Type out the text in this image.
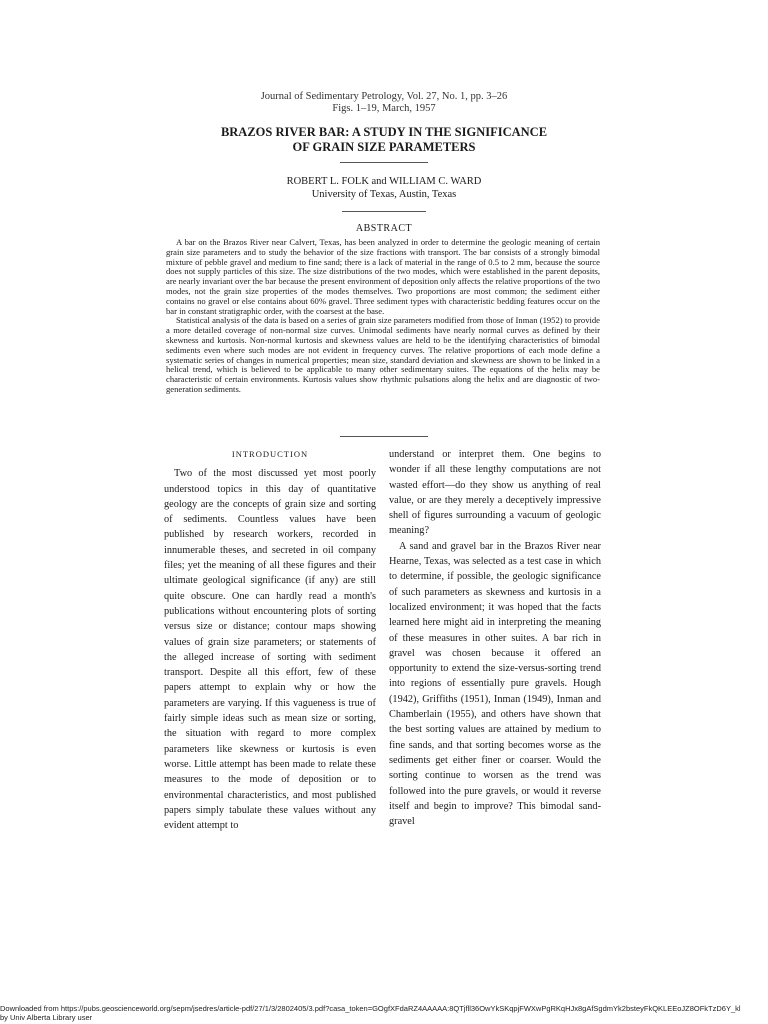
Journal of Sedimentary Petrology, Vol. 27, No. 1, pp. 3–26
Figs. 1–19, March, 1957
BRAZOS RIVER BAR: A STUDY IN THE SIGNIFICANCE
OF GRAIN SIZE PARAMETERS
ROBERT L. FOLK and WILLIAM C. WARD
University of Texas, Austin, Texas
ABSTRACT

A bar on the Brazos River near Calvert, Texas, has been analyzed in order to determine the geologic meaning of certain grain size parameters and to study the behavior of the size fractions with transport. The bar consists of a strongly bimodal mixture of pebble gravel and medium to fine sand; there is a lack of material in the range of 0.5 to 2 mm, because the source does not supply particles of this size. The size distributions of the two modes, which were established in the parent deposits, are nearly invariant over the bar because the present environment of deposition only affects the relative proportions of the two modes, not the grain size properties of the modes themselves. Two proportions are most common; the sediment either contains no gravel or else contains about 60% gravel. Three sediment types with characteristic bedding features occur on the bar in constant stratigraphic order, with the coarsest at the base.

Statistical analysis of the data is based on a series of grain size parameters modified from those of Inman (1952) to provide a more detailed coverage of non-normal size curves. Unimodal sediments have nearly normal curves as defined by their skewness and kurtosis. Non-normal kurtosis and skewness values are held to be the identifying characteristics of bimodal sediments even where such modes are not evident in frequency curves. The relative proportions of each mode define a systematic series of changes in numerical properties; mean size, standard deviation and skewness are shown to be linked in a helical trend, which is believed to be applicable to many other sedimentary suites. The equations of the helix may be characteristic of certain environments. Kurtosis values show rhythmic pulsations along the helix and are diagnostic of two-generation sediments.

INTRODUCTION

Two of the most discussed yet most poorly understood topics in this day of quantitative geology are the concepts of grain size and sorting of sediments. Countless values have been published by research workers, recorded in innumerable theses, and secreted in oil company files; yet the meaning of all these figures and their ultimate geological significance (if any) are still quite obscure. One can hardly read a month's publications without encountering plots of sorting versus size or distance; contour maps showing values of grain size parameters; or statements of the alleged increase of sorting with sediment transport. Despite all this effort, few of these papers attempt to explain why or how the parameters are varying. If this vagueness is true of fairly simple ideas such as mean size or sorting, the situation with regard to more complex parameters like skewness or kurtosis is even worse. Little attempt has been made to relate these measures to the mode of deposition or to environmental characteristics, and most published papers simply tabulate these values without any evident attempt to

understand or interpret them. One begins to wonder if all these lengthy computations are not wasted effort—do they show us anything of real value, or are they merely a deceptively impressive shell of figures surrounding a vacuum of geologic meaning?

A sand and gravel bar in the Brazos River near Hearne, Texas, was selected as a test case in which to determine, if possible, the geologic significance of such parameters as skewness and kurtosis in a localized environment; it was hoped that the facts learned here might aid in interpreting the meaning of these measures in other suites. A bar rich in gravel was chosen because it offered an opportunity to extend the size-versus-sorting trend into regions of essentially pure gravels. Hough (1942), Griffiths (1951), Inman (1949), Inman and Chamberlain (1955), and others have shown that the best sorting values are attained by medium to fine sands, and that sorting becomes worse as the sediments get either finer or coarser. Would the sorting continue to worsen as the trend was followed into the pure gravels, or would it reverse itself and begin to improve? This bimodal sand-gravel

Downloaded from https://pubs.geoscienceworld.org/sepm/jsedres/article-pdf/27/1/3/2802405/3.pdf?casa_token=GOgfXFdaRZ4AAAAA:8QTjfll36OwYkSKqpjFWXwPgRKqHJx8gAfSgdmYk2bsteyFkQKLEEoJZ8OFkTzD6Y_kl
by Univ Alberta Library user
